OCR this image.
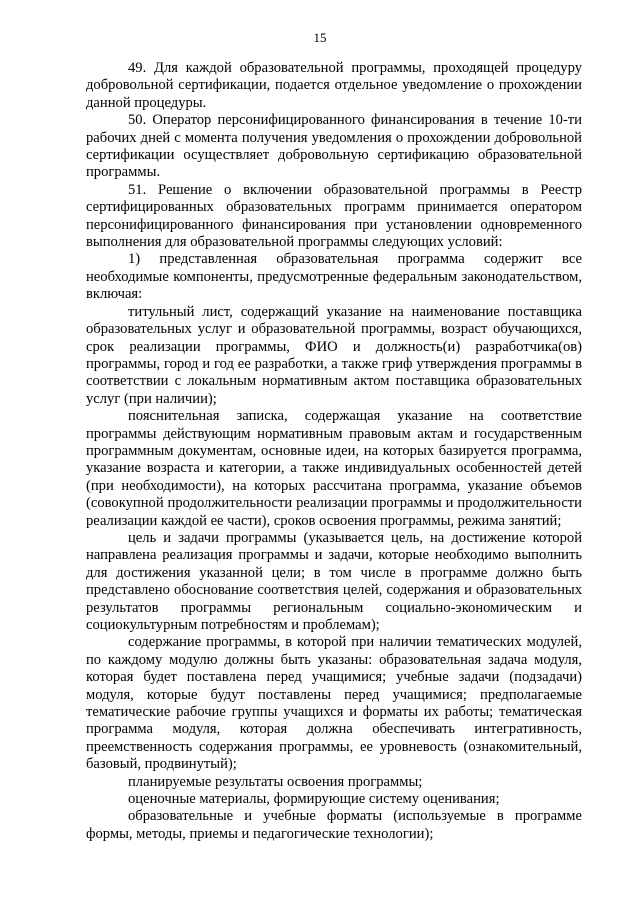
15

49. Для каждой образовательной программы, проходящей процедуру добровольной сертификации, подается отдельное уведомление о прохождении данной процедуры.

50. Оператор персонифицированного финансирования в течение 10-ти рабочих дней с момента получения уведомления о прохождении добровольной сертификации осуществляет добровольную сертификацию образовательной программы.

51. Решение о включении образовательной программы в Реестр сертифицированных образовательных программ принимается оператором персонифицированного финансирования при установлении одновременного выполнения для образовательной программы следующих условий:

1) представленная образовательная программа содержит все необходимые компоненты, предусмотренные федеральным законодательством, включая:

титульный лист, содержащий указание на наименование поставщика образовательных услуг и образовательной программы, возраст обучающихся, срок реализации программы, ФИО и должность(и) разработчика(ов) программы, город и год ее разработки, а также гриф утверждения программы в соответствии с локальным нормативным актом поставщика образовательных услуг (при наличии);

пояснительная записка, содержащая указание на соответствие программы действующим нормативным правовым актам и государственным программным документам, основные идеи, на которых базируется программа, указание возраста и категории, а также индивидуальных особенностей детей (при необходимости), на которых рассчитана программа, указание объемов (совокупной продолжительности реализации программы и продолжительности реализации каждой ее части), сроков освоения программы, режима занятий;

цель и задачи программы (указывается цель, на достижение которой направлена реализация программы и задачи, которые необходимо выполнить для достижения указанной цели; в том числе в программе должно быть представлено обоснование соответствия целей, содержания и образовательных результатов программы региональным социально-экономическим и социокультурным потребностям и проблемам);

содержание программы, в которой при наличии тематических модулей, по каждому модулю должны быть указаны: образовательная задача модуля, которая будет поставлена перед учащимися; учебные задачи (подзадачи) модуля, которые будут поставлены перед учащимися; предполагаемые тематические рабочие группы учащихся и форматы их работы; тематическая программа модуля, которая должна обеспечивать интегративность, преемственность содержания программы, ее уровневость (ознакомительный, базовый, продвинутый);

планируемые результаты освоения программы;

оценочные материалы, формирующие систему оценивания;

образовательные и учебные форматы (используемые в программе формы, методы, приемы и педагогические технологии);
